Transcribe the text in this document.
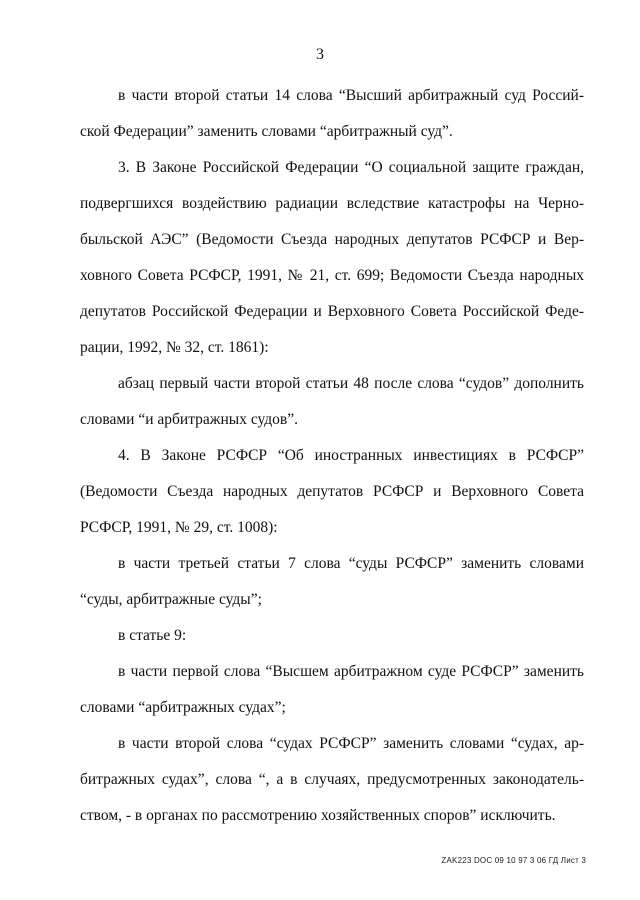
3

в части второй статьи 14 слова “Высший арбитражный суд Россий-
ской Федерации” заменить словами “арбитражный суд”.

3. В Законе Российской Федерации “О социальной защите граждан,
подвергшихся воздействию радиации вследствие катастрофы на Черно-
быльской АЭС” (Ведомости Съезда народных депутатов РСФСР и Вер-
ховного Совета РСФСР, 1991, № 21, ст. 699; Ведомости Съезда народных
депутатов Российской Федерации и Верховного Совета Российской Феде-
рации, 1992, № 32, ст. 1861):

абзац первый части второй статьи 48 после слова “судов” дополнить
словами “и арбитражных судов”.

4. В Законе РСФСР “Об иностранных инвестициях в РСФСР”
(Ведомости Съезда народных депутатов РСФСР и Верховного Совета
РСФСР, 1991, № 29, ст. 1008):

в части третьей статьи 7 слова “суды РСФСР” заменить словами
“суды, арбитражные суды”;

в статье 9:

в части первой слова “Высшем арбитражном суде РСФСР” заменить
словами “арбитражных судах”;

в части второй слова “судах РСФСР” заменить словами “судах, ар-
битражных судах”, слова “, а в случаях, предусмотренных законодатель-
ством, - в органах по рассмотрению хозяйственных споров” исключить.

ZAK223 DOC 09 10 97 3 06 ГД Лист 3
